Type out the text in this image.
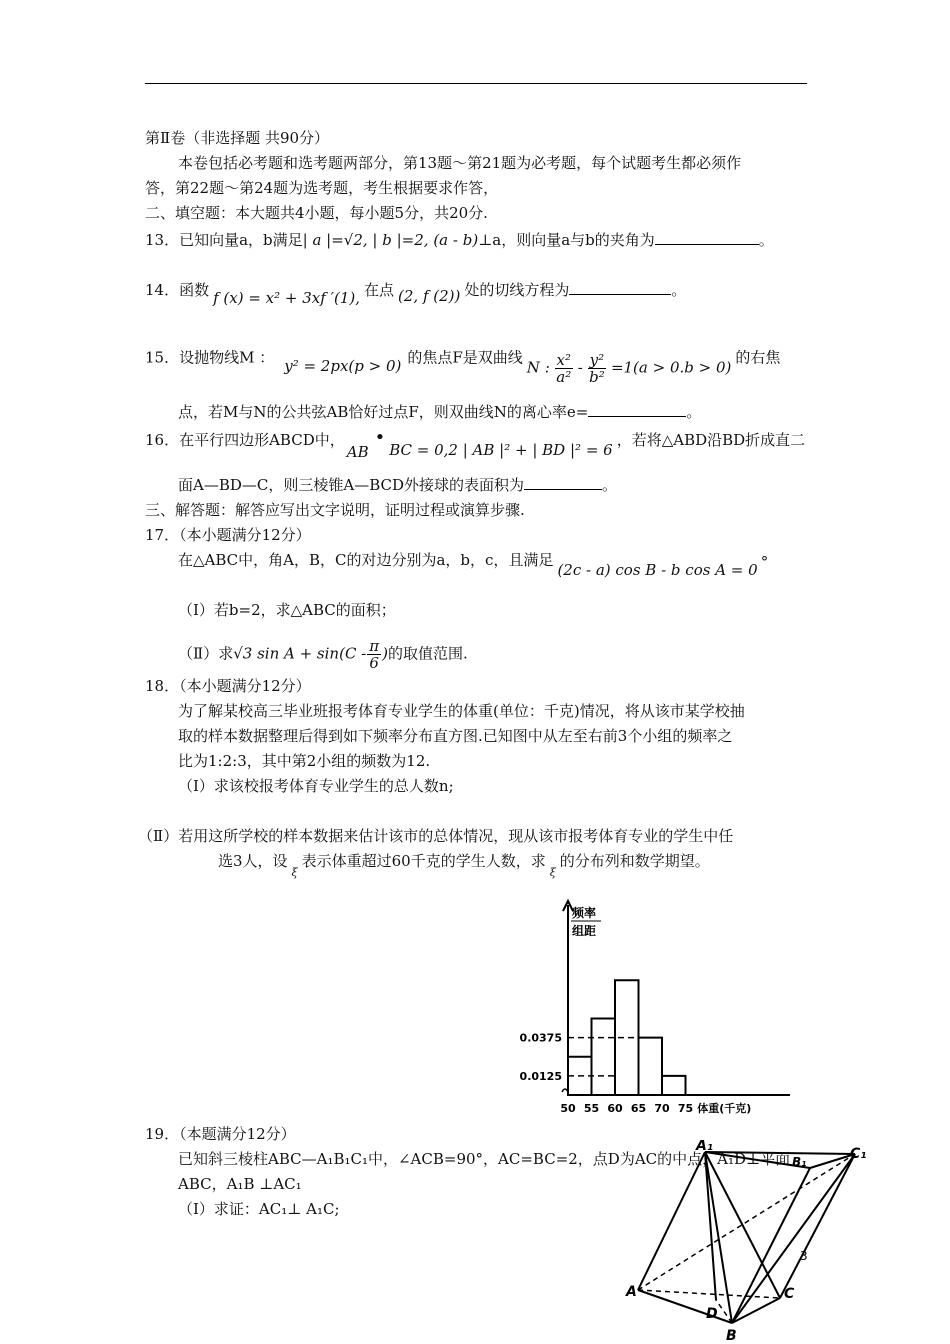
第Ⅱ卷（非选择题 共90分）
本卷包括必考题和选考题两部分，第13题～第21题为必考题，每个试题考生都必须作
答，第22题～第24题为选考题，考生根据要求作答，
二、填空题：本大题共4小题，每小题5分，共20分.
13．已知向量a，b满足| a |=√2, | b |=2, (a - b)⊥a，则向量a与b的夹角为	。
14．函数 f (x) = x² + 3xf ′(1), 在点 (2, f (2)) 处的切线方程为	。
15．设抛物线M ： y² = 2px(p > 0) 的焦点F是双曲线N : $\frac{\text{x²}}{\text{a²}} - \frac{\text{y²}}{\text{b²}} =1(a > 0.b > 0)$的右焦
点，若M与N的公共弦AB恰好过点F，则双曲线N的离心率e=	。
16．在平行四边形ABCD中，AB•BC = 0,2 | AB |² + | BD |² = 6，若将△ABD沿BD折成直二
面A—BD—C，则三棱锥A—BCD外接球的表面积为	。
三、解答题：解答应写出文字说明，证明过程或演算步骤.
17．（本小题满分12分）
在△ABC中，角A，B，C的对边分别为a，b，c，且满足(2c - a) cos B - b cos A = 0 °
（Ⅰ）若b=2，求△ABC的面积；
（Ⅱ）求√3 $\sin A + \sin(C - \frac{\pi}{6}$ )的取值范围.
18．（本小题满分12分）
为了解某校高三毕业班报考体育专业学生的体重(单位：千克)情况，将从该市某学校抽
取的样本数据整理后得到如下频率分布直方图.已知图中从左至右前3个小组的频率之
比为1:2:3，其中第2小组的频数为12.
（Ⅰ）求该校报考体育专业学生的总人数n;
（Ⅱ）若用这所学校的样本数据来估计该市的总体情况，现从该市报考体育专业的学生中任
选3人，设$_\xi$表示体重超过60千克的学生人数，求$_\xi$的分布列和数学期望。
频率
组距
0.0375
0.0125
50 55 60 65 70 75 体重(千克)
19．（本题满分12分）
已知斜三棱柱ABC—A₁B₁C₁中，∠ACB=90°，AC=BC=2，点D为AC的中点，A₁D⊥平面
ABC，A₁B ⊥AC₁
（Ⅰ）求证：AC₁⊥ A₁C;
A₁
B₁	C₁
A
B
C
D
3
